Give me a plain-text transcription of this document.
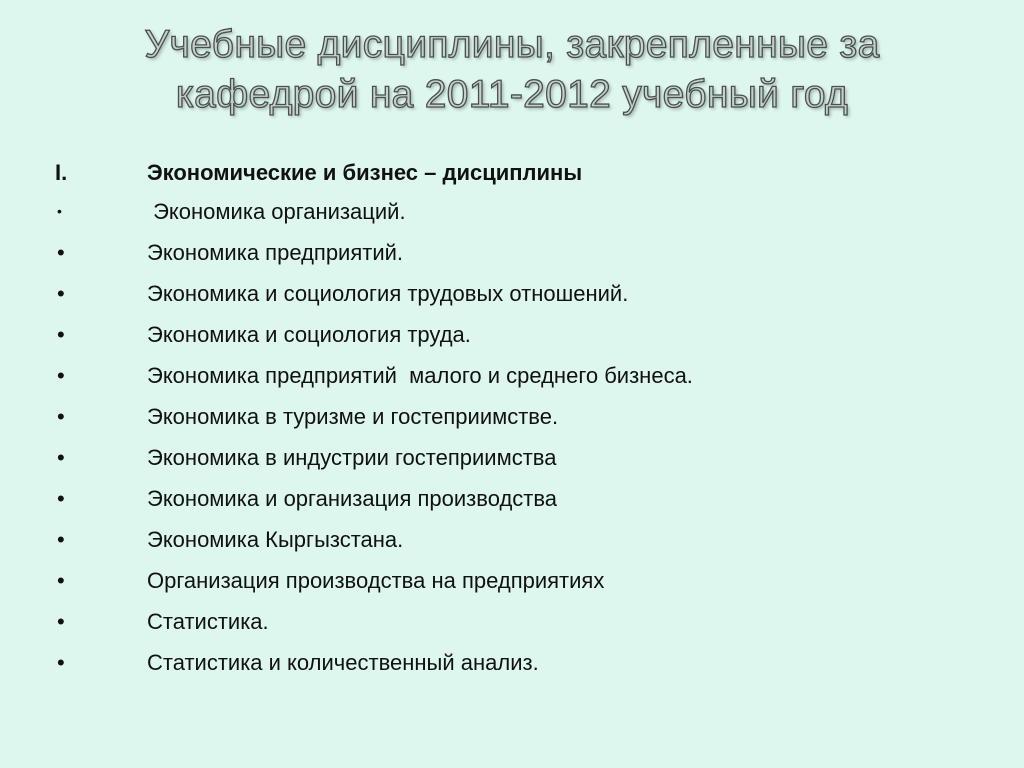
Учебные дисциплины, закрепленные за
кафедрой на 2011-2012 учебный год
I.	Экономические и бизнес – дисциплины
•	Экономика организаций.
•	Экономика предприятий.
•	Экономика и социология трудовых отношений.
•	Экономика и социология труда.
•	Экономика предприятий  малого и среднего бизнеса.
•	Экономика в туризме и гостеприимстве.
•	Экономика в индустрии гостеприимства
•	Экономика и организация производства
•	Экономика Кыргызстана.
•	Организация производства на предприятиях
•	Статистика.
•	Статистика и количественный анализ.
